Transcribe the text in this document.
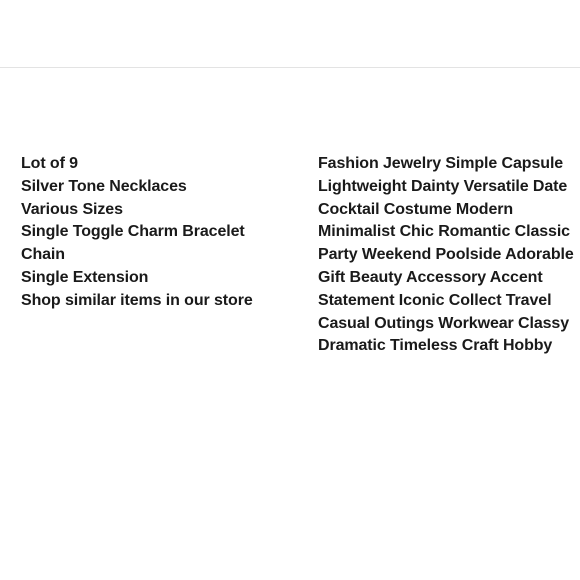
Lot of 9
Silver Tone Necklaces
Various Sizes
Single Toggle Charm Bracelet
Chain
Single Extension
Shop similar items in our store
Fashion Jewelry Simple Capsule
Lightweight Dainty Versatile Date
Cocktail Costume Modern
Minimalist Chic Romantic Classic
Party Weekend Poolside Adorable
Gift Beauty Accessory Accent
Statement Iconic Collect Travel
Casual Outings Workwear Classy
Dramatic Timeless Craft Hobby
